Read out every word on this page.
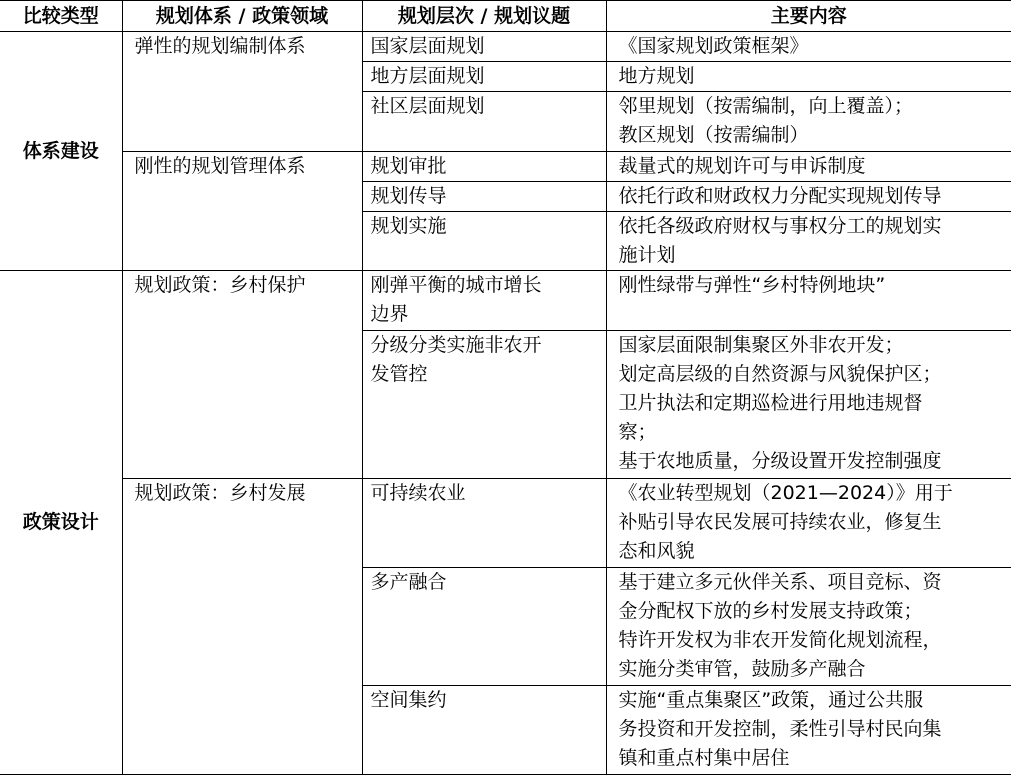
比较类型	规划体系 / 政策领域	规划层次 / 规划议题	主要内容
体系建设	弹性的规划编制体系	国家层面规划	《国家规划政策框架》

		地方层面规划	地方规划

		社区层面规划	邻里规划（按需编制，向上覆盖）；
教区规划（按需编制）

	刚性的规划管理体系	规划审批	裁量式的规划许可与申诉制度

		规划传导	依托行政和财政权力分配实现规划传导

		规划实施	依托各级政府财权与事权分工的规划实
施计划

政策设计	规划政策：乡村保护	刚弹平衡的城市增长
边界	刚性绿带与弹性“乡村特例地块”

		分级分类实施非农开
发管控	国家层面限制集聚区外非农开发；
划定高层级的自然资源与风貌保护区；
卫片执法和定期巡检进行用地违规督
察；
基于农地质量，分级设置开发控制强度

	规划政策：乡村发展	可持续农业	《农业转型规划（2021—2024）》用于
补贴引导农民发展可持续农业，修复生
态和风貌

		多产融合	基于建立多元伙伴关系、项目竞标、资
金分配权下放的乡村发展支持政策；
特许开发权为非农开发简化规划流程，
实施分类审管，鼓励多产融合

		空间集约	实施“重点集聚区”政策，通过公共服
务投资和开发控制，柔性引导村民向集
镇和重点村集中居住
